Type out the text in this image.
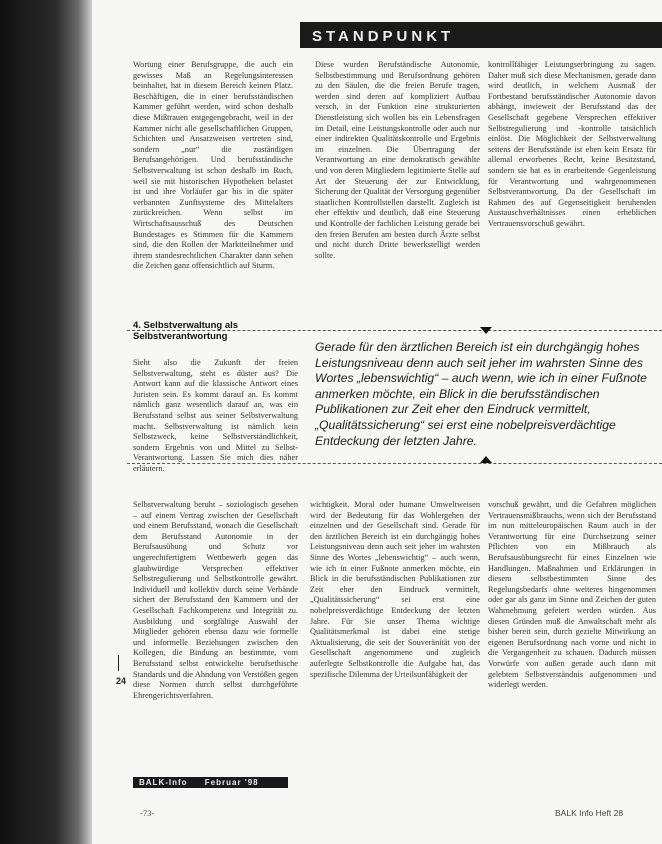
STANDPUNKT
Wortung einer Berufsgruppe, die auch ein gewisses Maß an Regelungsinteressen beinhaltet, hat in diesem Bereich keinen Platz. Beschäftigen, die in einer berufsständischen Kammer geführt werden, wird schon deshalb diese Mißtrauen entgegengebracht, weil in der Kammer nicht alle gesellschaftlichen Gruppen, Schichten und Ansatzweisen vertreten sind, sondern „nur“ die zuständigen Berufsangehörigen. Und berufsständische Selbstverwaltung ist schon deshalb im Ruch, weil sie mit historischen Hypotheken belastet ist und ihre Vorläufer gar bis in die später verbannten Zunftsysteme des Mittelalters zurückreichen. Wenn selbst im Wirtschaftsausschuß des Deutschen Bundestages es Stimmen für die Kammern sind, die den Rollen der Marktteilnehmer und ihrem standesrechtlichen Charakter dann sehen die Zeichen ganz offensichtlich auf Sturm.
Diese wurden Berufständische Autonomie, Selbstbestimmung und Berufsordnung gehören zu den Säulen, die die freien Berufe tragen, werden sind deren auf kompliziert Aufbau versch, in der Funktion eine strukturierten Dienstleistung sich wollen bis ein Lebensfragen im Detail, eine Leistungskontrolle oder auch nur einer indirekten Qualitätskontrolle und Ergebnis im einzelnen. Die Übertragung der Verantwortung an eine demokratisch gewählte und von deren Mitgliedern legitimierte Stelle auf Art der Steuerung der zur Entwicklung, Sicherung der Qualität der Versorgung gegenüber staatlichen Kontrollstellen darstellt. Zugleich ist eher effektiv und deutlich, daß eine Steuerung und Kontrolle der fachlichen Leistung gerade bei den freien Berufen am besten durch Ärzte selbst und nicht durch Dritte bewerkstelligt werden sollte.
kontrollfähiger Leistungserbringung zu sagen. Daher muß sich diese Mechanismen, gerade dann wird deutlich, in welchem Ausmaß der Fortbestand berufsständischer Autonomie davon abhängt, inwieweit der Berufsstand das der Gesellschaft gegebene Versprechen effektiver Selbstregulierung und -kontrolle tatsächlich einlöst. Die Möglichkeit der Selbstverwaltung seitens der Berufsstände ist eben kein Ersatz für allemal erworbenes Recht, keine Besitzstand, sondern sie hat es in erarbeitende Gegenleistung für Verantwortung und wahrgenommenen Selbstverantwortung. Da der Gesellschaft im Rahmen des auf Gegenseitigkeit beruhenden Austauschverhältnisses einen erheblichen Vertrauensvorschuß gewährt.
4. Selbstverwaltung als Selbstverantwortung
Sieht also die Zukunft der freien Selbstverwaltung, steht es düster aus? Die Antwort kann auf die klassische Antwort eines Juristen sein. Es kommt darauf an. Es kommt nämlich ganz wesentlich darauf an, was ein Berufsstand selbst aus seiner Selbstverwaltung macht. Selbstverwaltung ist nämlich kein Selbstzweck, keine Selbstverständlichkeit, sondern Ergebnis von und Mittel zu Selbst-Verantwortung. Lassen Sie mich dies näher erläutern.
Gerade für den ärztlichen Bereich ist ein durchgängig hohes Leistungsniveau denn auch seit jeher im wahrsten Sinne des Wortes „lebenswichtig“ – auch wenn, wie ich in einer Fußnote anmerken möchte, ein Blick in die berufsständischen Publikationen zur Zeit eher den Eindruck vermittelt, „Qualitätssicherung“ sei erst eine nobelpreisverdächtige Entdeckung der letzten Jahre.
Selbstverwaltung beruht – soziologisch gesehen – auf einem Vertrag zwischen der Gesellschaft und einem Berufsstand, wonach die Gesellschaft dem Berufsstand Autonomie in der Berufsausübung und Schutz vor ungerechtfertigtem Wettbewerb gegen das glaubwürdige Versprechen effektiver Selbstregulierung und Selbstkontrolle gewährt. Individuell und kollektiv durch seine Verbände sichert der Berufsstand den Kammern und der Gesellschaft Fachkompetenz und Integrität zu. Ausbildung und sorgfältige Auswahl der Mitglieder gehören ebenso dazu wie formelle und informelle Beziehungen zwischen den Kollegen, die Bindung an bestimmte, vom Berufsstand selbst entwickelte berufsethische Standards und die Ahndung von Verstößen gegen diese Normen durch selbst durchgeführte Ehrengerichtsverfahren.
wichtigkeit. Moral oder humane Umweltweisen wird der Bedeutung für das Wohlergehen der einzelnen und der Gesellschaft sind. Gerade für den ärztlichen Bereich ist ein durchgängig hohes Leistungsniveau denn auch seit jeher im wahrsten Sinne des Wortes „lebenswichtig“ – auch wenn, wie ich in einer Fußnote anmerken möchte, ein Blick in die berufsständischen Publikationen zur Zeit eher den Eindruck vermittelt, „Qualitätssicherung“ sei erst eine nobelpreisverdächtige Entdeckung der letzten Jahre. Für Sie unser Thema wichtige Qualitätsmerkmal ist dabei eine stetige Aktualisierung, die seit der Souveränität von der Gesellschaft angenommene und zugleich auferlegte Selbstkontrolle die Aufgabe hat, das spezifische Dilemma der Urteilsunfähigkeit der
vorschuß gewährt, und die Gefahren möglichen Vertrauensmißbrauchs, wenn sich der Berufsstand im nun mitteleuropäischen Raum auch in der Verantwortung für eine Durchsetzung seiner Pflichten von ein Mißbrauch als Berufsausübungsrecht für eines Einzelnen wie Handlungen. Maßnahmen und Erklärungen in diesem selbstbestimmten Sinne des Regelungsbedarfs ohne weiteres hingenommen oder gar als ganz im Sinne und Zeichen der guten Wahrnehmung gefeiert werden würden. Aus diesen Gründen muß die Anwaltschaft mehr als bisher bereit sein, durch gezielte Mitwirkung an eigenen Berufsordnung nach vorne und nicht in die Vergangenheit zu schauen. Dadurch müssen Vorwürfe von außen gerade auch dann mit gelebtem Selbstverständnis aufgenommen und widerlegt werden.
24
BALK-Info Februar '98
-73-	BALK Info Heft 28
